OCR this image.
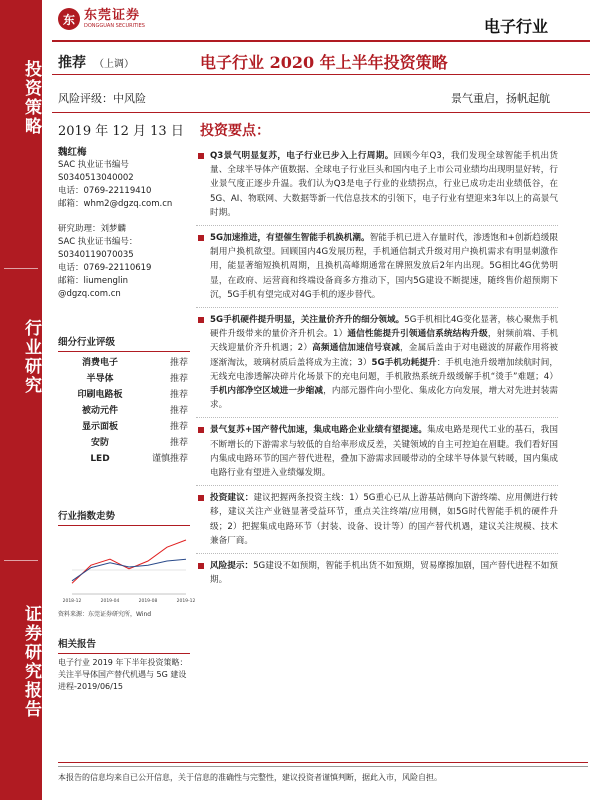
投资策略
行业研究
证券研究报告
东 东莞证券
DONGGUAN SECURITIES	电子行业
推荐 （上调）	电子行业 2020 年上半年投资策略
风险评级：中风险	景气重启，扬帆起航
2019 年 12 月 13 日 投资要点：
魏红梅
SAC 执业证书编号
S0340513040002
电话：0769-22119410
邮箱：whm2@dgzq.com.cn
研究助理：刘梦麟
SAC 执业证书编号：
S0340119070035
电话：0769-22110619
邮箱：liumenglin
@dgzq.com.cn
细分行业评级
消费电子	推荐
半导体	推荐
印刷电路板	推荐
被动元件	推荐
显示面板	推荐
安防	推荐
LED	谨慎推荐
行业指数走势
2018-12	2019-04	2019-08	2019-12
资料来源：东莞证券研究所，Wind
相关报告
电子行业 2019 年下半年投资策略：关注半导体国产替代机遇与 5G 建设进程-2019/06/15
Q3景气明显复苏，电子行业已步入上行周期。回顾今年Q3，我们发现全球智能手机出货量、全球半导体产值数据、全球电子行业巨头和国内电子上市公司业绩均出现明显好转，行业景气度正逐步升温。我们认为Q3是电子行业的业绩拐点，行业已成功走出业绩低谷，在5G、AI、物联网、大数据等新一代信息技术的引领下，电子行业有望迎来3年以上的高景气时期。
5G加速推进，有望催生智能手机换机潮。智能手机已进入存量时代，渗透饱和+创新趋缓限制用户换机欲望。回顾国内4G发展历程，手机通信制式升级对用户换机需求有明显刺激作用，能显著缩短换机周期，且换机高峰期通常在牌照发放后2年内出现。5G相比4G优势明显，在政府、运营商和终端设备商多方推动下，国内5G建设不断提速，随终售价超预期下沉，5G手机有望完成对4G手机的逐步替代。
5G手机硬件提升明显，关注量价齐升的细分领域。5G手机相比4G变化显著，核心聚焦手机硬件升级带来的量价齐升机会。1）通信性能提升引领通信系统结构升级，射频前端、手机天线迎量价齐升机遇；2）高频通信加速信号衰减，金属后盖由于对电磁波的屏蔽作用将被逐渐淘汰，玻璃材质后盖将成为主流；3）5G手机功耗提升：手机电池升级增加续航时间，无线充电渗透解决碎片化场景下的充电问题，手机散热系统升级缓解手机“烫手”难题；4）手机内部净空区域进一步缩减，内部元器件向小型化、集成化方向发展，增大对先进封装需求。
景气复苏+国产替代加速，集成电路企业业绩有望提速。集成电路是现代工业的基石，我国不断增长的下游需求与较低的自给率形成反差，关键领域的自主可控迫在眉睫。我们看好国内集成电路环节的国产替代进程，叠加下游需求回暖带动的全球半导体景气转暖，国内集成电路行业有望进入业绩爆发期。
投资建议：建议把握两条投资主线：1）5G重心已从上游基站侧向下游终端、应用侧进行转移，建议关注产业链显著受益环节，重点关注终端/应用侧，如5G时代智能手机的硬件升级；2）把握集成电路环节（封装、设备、设计等）的国产替代机遇，建议关注规模、技术兼备厂商。
风险提示：5G建设不如预期，智能手机出货不如预期，贸易摩擦加剧，国产替代进程不如预期。
本报告的信息均来自已公开信息，关于信息的准确性与完整性，建议投资者谨慎判断，据此入市，风险自担。
